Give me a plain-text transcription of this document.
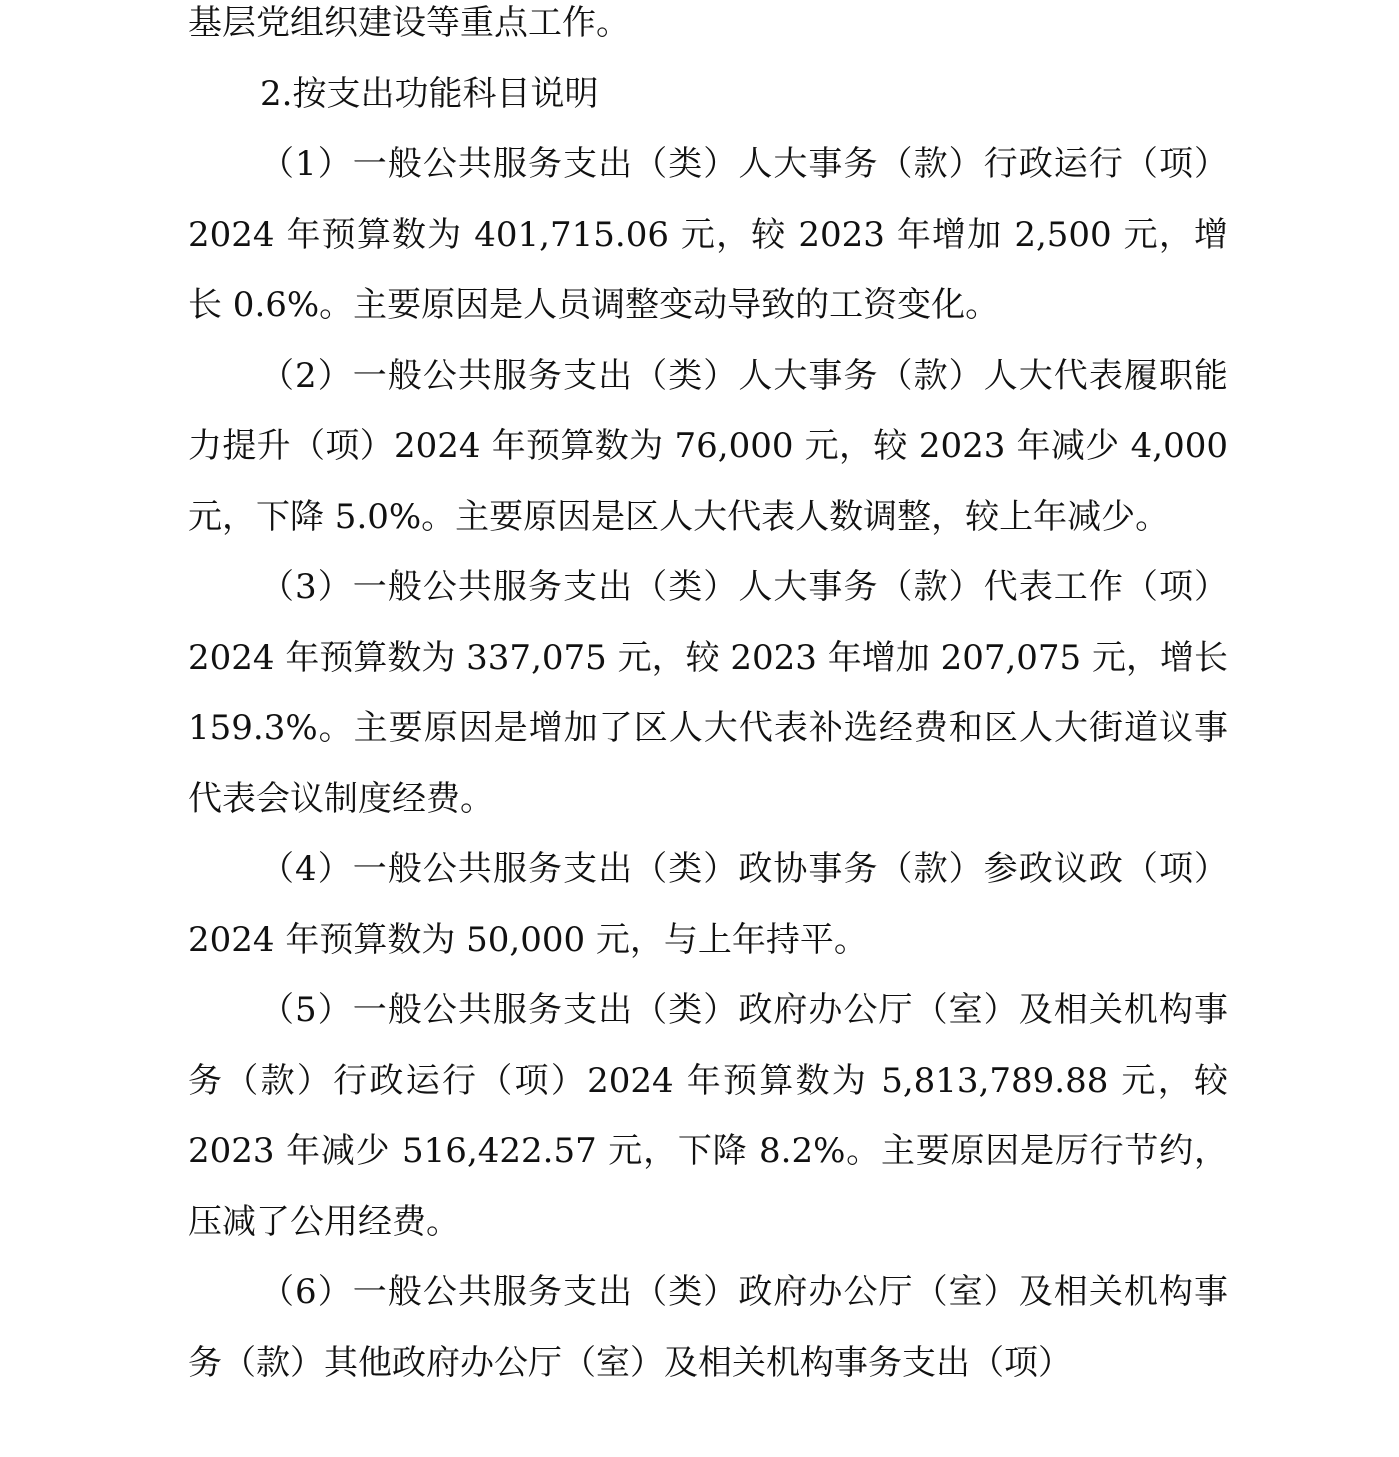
基层党组织建设等重点工作。

2.按支出功能科目说明

（1）一般公共服务支出（类）人大事务（款）行政运行（项）2024 年预算数为 401,715.06 元，较 2023 年增加 2,500 元，增长 0.6%。主要原因是人员调整变动导致的工资变化。

（2）一般公共服务支出（类）人大事务（款）人大代表履职能力提升（项）2024 年预算数为 76,000 元，较 2023 年减少 4,000 元，下降 5.0%。主要原因是区人大代表人数调整，较上年减少。

（3）一般公共服务支出（类）人大事务（款）代表工作（项）2024 年预算数为 337,075 元，较 2023 年增加 207,075 元，增长 159.3%。主要原因是增加了区人大代表补选经费和区人大街道议事代表会议制度经费。

（4）一般公共服务支出（类）政协事务（款）参政议政（项）2024 年预算数为 50,000 元，与上年持平。

（5）一般公共服务支出（类）政府办公厅（室）及相关机构事务（款）行政运行（项）2024 年预算数为 5,813,789.88 元，较 2023 年减少 516,422.57 元，下降 8.2%。主要原因是厉行节约，压减了公用经费。

（6）一般公共服务支出（类）政府办公厅（室）及相关机构事务（款）其他政府办公厅（室）及相关机构事务支出（项）
